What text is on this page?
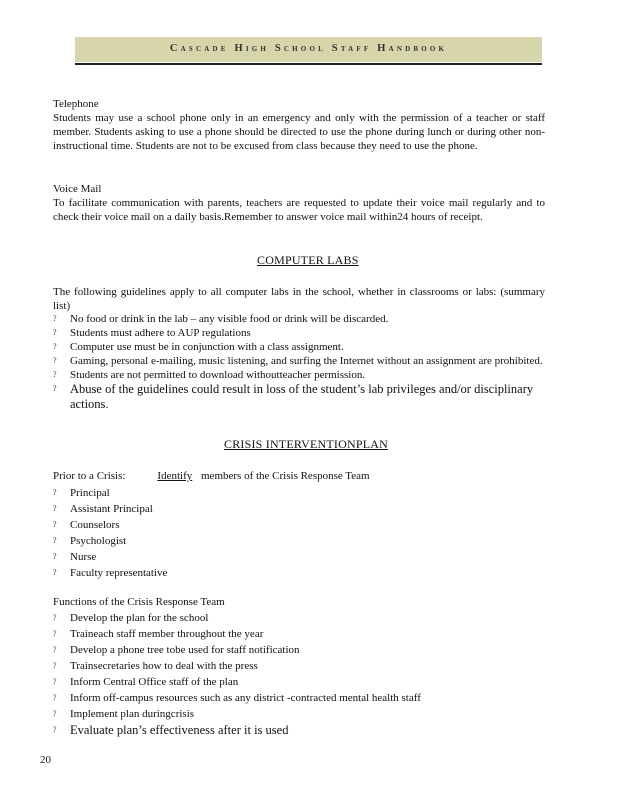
Cascade High School Staff Handbook
Telephone
Students may use a school phone only in an emergency and only with the permission of a teacher or staff member. Students asking to use a phone should be directed to use the phone during lunch or during other non-instructional time. Students are not to be excused from class because they need to use the phone.
Voice Mail
To facilitate communication with parents, teachers are requested to update their voice mail regularly and to check their voice mail on a daily basis.Remember to answer voice mail within24 hours of receipt.
COMPUTER LABS
The following guidelines apply to all computer labs in the school, whether in classrooms or labs: (summary list)
? No food or drink in the lab – any visible food or drink will be discarded.
? Students must adhere to AUP regulations
? Computer use must be in conjunction with a class assignment.
? Gaming, personal e-mailing, music listening, and surfing the Internet without an assignment are prohibited.
? Students are not permitted to download withoutteacher permission.
? Abuse of the guidelines could result in loss of the student’s lab privileges and/or disciplinary actions.
CRISIS INTERVENTIONPLAN
Prior to a Crisis:	Identify members of the Crisis Response Team
? Principal
? Assistant Principal
? Counselors
? Psychologist
? Nurse
? Faculty representative
Functions of the Crisis Response Team
? Develop the plan for the school
? Traineach staff member throughout the year
? Develop a phone tree tobe used for staff notification
? Trainsecretaries how to deal with the press
? Inform Central Office staff of the plan
? Inform off-campus resources such as any district -contracted mental health staff
? Implement plan duringcrisis
? Evaluate plan’s effectiveness after it is used
20
